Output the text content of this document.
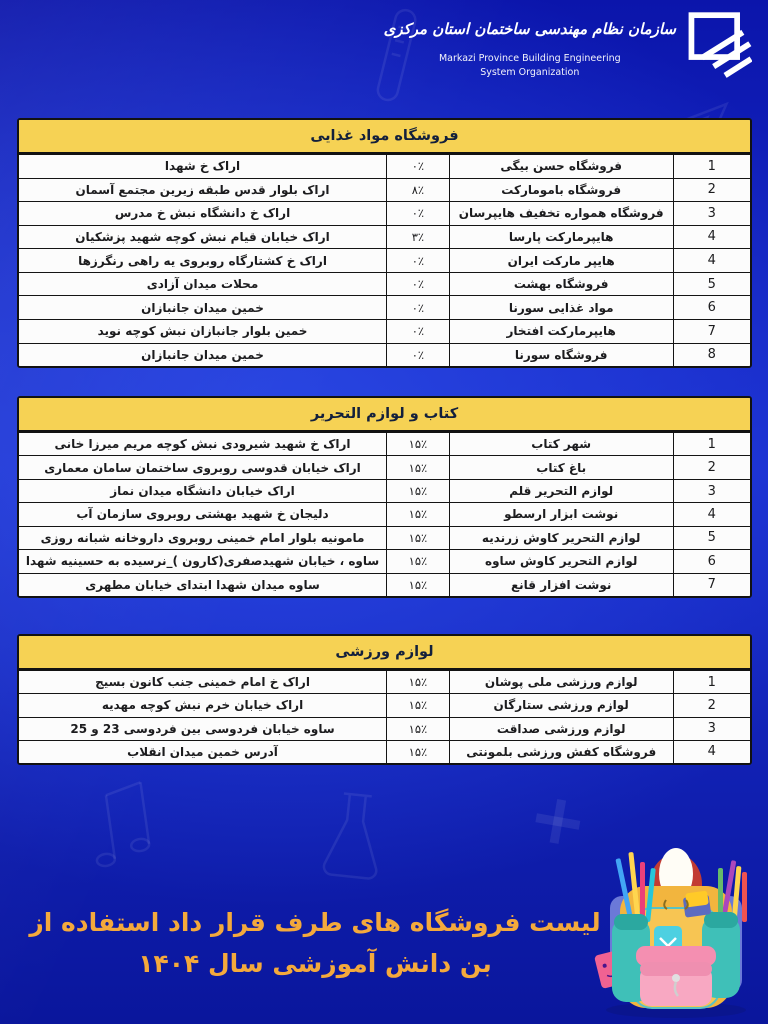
سازمان نظام مهندسی ساختمان استان مرکزی
Markazi Province Building Engineering
System Organization
فروشگاه مواد غذایی
1
فروشگاه حسن بیگی
۰٪
اراک خ شهدا
2
فروشگاه باموماركت
۸٪
اراک بلوار قدس طبقه زیرین مجتمع آسمان
3
فروشگاه همواره تخفیف هایپرسان
۰٪
اراک خ دانشگاه نبش خ مدرس
4
هایپرمارکت پارسا
۳٪
اراک خیابان قیام نبش کوچه شهید پزشکیان
4
هایپر مارکت ایران
۰٪
اراک خ کشتارگاه روبروی یه راهی رنگرزها
5
فروشگاه بهشت
۰٪
محلات میدان آزادی
6
مواد غذایی سورنا
۰٪
خمین میدان جانبازان
7
هایپرمارکت افتخار
۰٪
خمین بلوار جانبازان نبش کوچه نوید
8
فروشگاه سورنا
۰٪
خمین میدان جانبازان
کتاب و لوازم التحریر
1
شهر کتاب
۱۵٪
اراک خ شهید شیرودی نبش کوچه مریم میرزا خانی
2
باغ کتاب
۱۵٪
اراک خیابان قدوسی روبروی ساختمان سامان معماری
3
لوازم التحریر قلم
۱۵٪
اراک خیابان دانشگاه میدان نماز
4
نوشت ابزار ارسطو
۱۵٪
دلیجان خ شهید بهشتی روبروی سازمان آب
5
لوازم التحریر کاوش زرندیه
۱۵٪
مامونیه بلوار امام خمینی روبروی داروخانه شبانه روزی
6
لوازم التحریر کاوش ساوه
۱۵٪
ساوه ، خیابان شهیدصفری(کارون )_نرسیده به حسینیه شهدا
7
نوشت افزار قانع
۱۵٪
ساوه میدان شهدا ابتدای خیابان مطهری
لوازم ورزشی
1
لوازم ورزشی ملی پوشان
۱۵٪
اراک خ امام خمینی جنب کانون بسیج
2
لوازم ورزشی ستارگان
۱۵٪
اراک خیابان خرم نبش کوچه مهدیه
3
لوازم ورزشی صداقت
۱۵٪
ساوه خیابان فردوسی بین فردوسی 23 و 25
4
فروشگاه کفش ورزشی بلمونتی
۱۵٪
آدرس خمین میدان انقلاب
لیست فروشگاه های طرف قرار داد استفاده از
بن دانش آموزشی سال ۱۴۰۴
